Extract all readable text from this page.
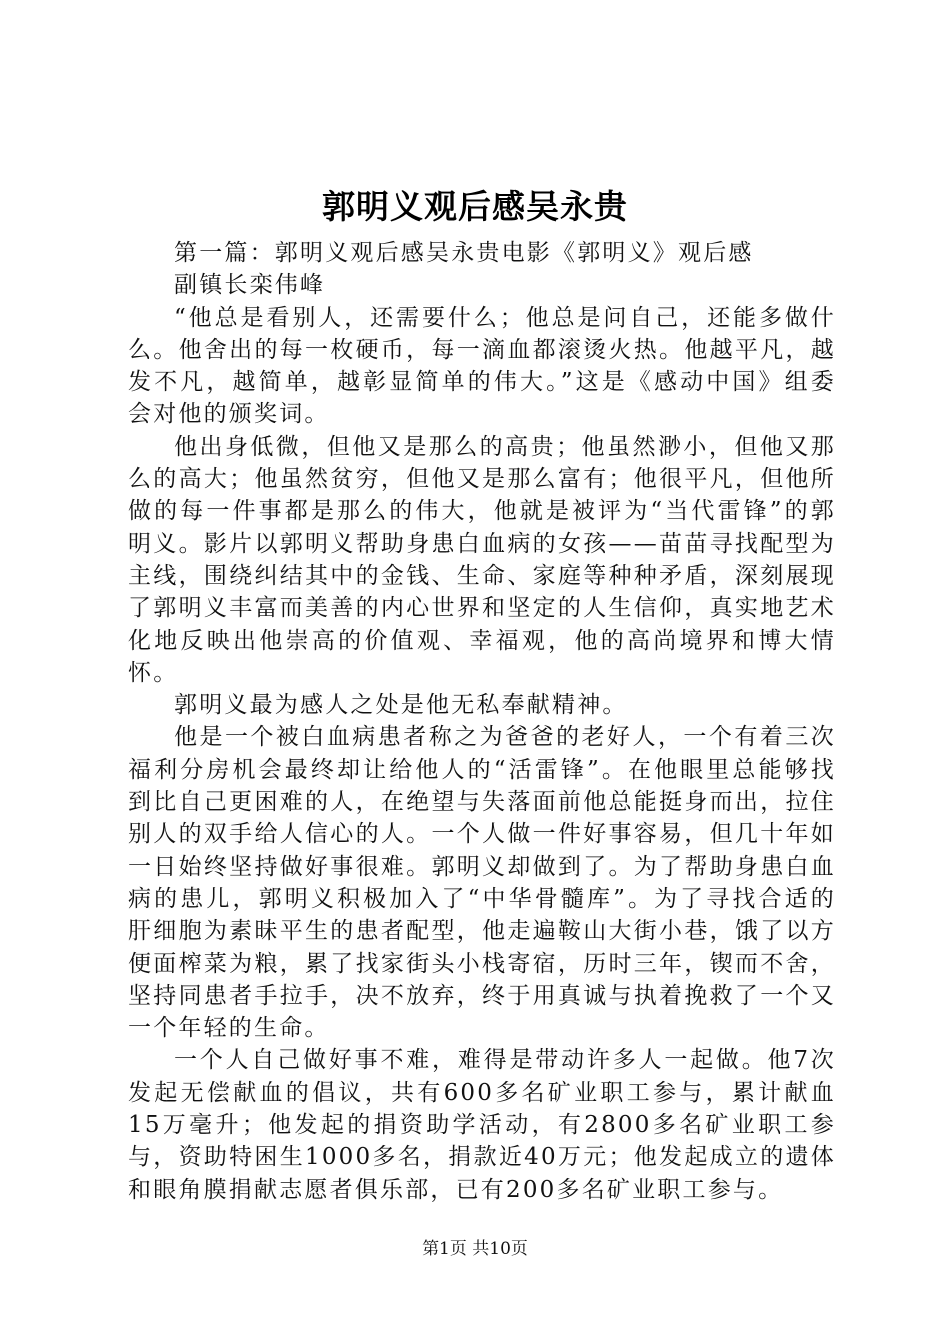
郭明义观后感吴永贵

第一篇：郭明义观后感吴永贵电影《郭明义》观后感

副镇长栾伟峰

“他总是看别人，还需要什么；他总是问自己，还能多做什么。他舍出的每一枚硬币，每一滴血都滚烫火热。他越平凡，越发不凡，越简单，越彰显简单的伟大。”这是《感动中国》组委会对他的颁奖词。

他出身低微，但他又是那么的高贵；他虽然渺小，但他又那么的高大；他虽然贫穷，但他又是那么富有；他很平凡，但他所做的每一件事都是那么的伟大，他就是被评为“当代雷锋”的郭明义。影片以郭明义帮助身患白血病的女孩——苗苗寻找配型为主线，围绕纠结其中的金钱、生命、家庭等种种矛盾，深刻展现了郭明义丰富而美善的内心世界和坚定的人生信仰，真实地艺术化地反映出他崇高的价值观、幸福观，他的高尚境界和博大情怀。

郭明义最为感人之处是他无私奉献精神。

他是一个被白血病患者称之为爸爸的老好人，一个有着三次福利分房机会最终却让给他人的“活雷锋”。在他眼里总能够找到比自己更困难的人，在绝望与失落面前他总能挺身而出，拉住别人的双手给人信心的人。一个人做一件好事容易，但几十年如一日始终坚持做好事很难。郭明义却做到了。为了帮助身患白血病的患儿，郭明义积极加入了“中华骨髓库”。为了寻找合适的肝细胞为素昧平生的患者配型，他走遍鞍山大街小巷，饿了以方便面榨菜为粮，累了找家街头小栈寄宿，历时三年，锲而不舍，坚持同患者手拉手，决不放弃，终于用真诚与执着挽救了一个又一个年轻的生命。

一个人自己做好事不难，难得是带动许多人一起做。他7次发起无偿献血的倡议，共有600多名矿业职工参与，累计献血15万毫升；他发起的捐资助学活动，有2800多名矿业职工参与，资助特困生1000多名，捐款近40万元；他发起成立的遗体和眼角膜捐献志愿者俱乐部，已有200多名矿业职工参与。

第1页 共10页
